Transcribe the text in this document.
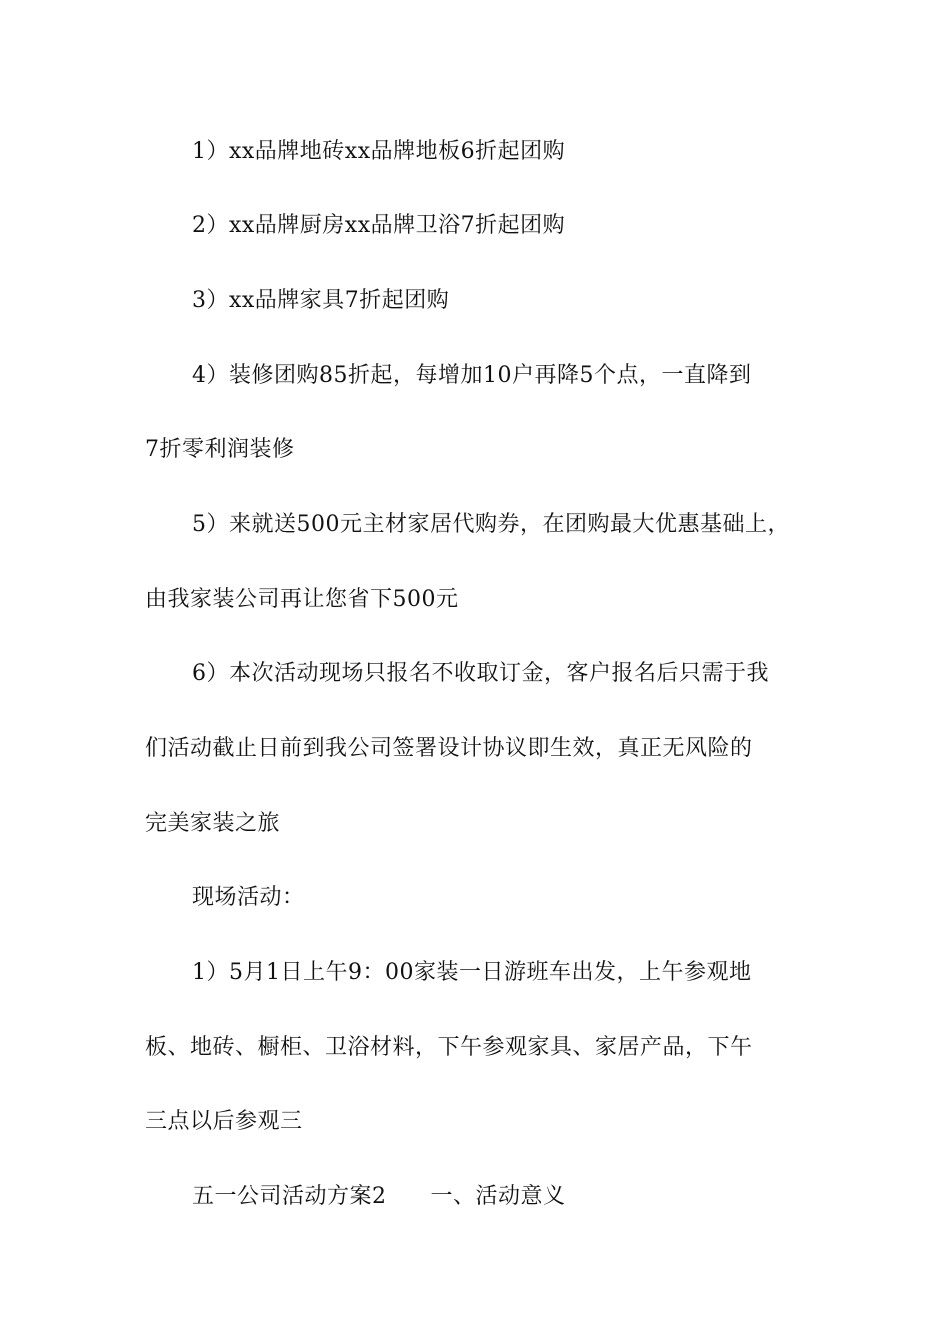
1）xx品牌地砖xx品牌地板6折起团购
2）xx品牌厨房xx品牌卫浴7折起团购
3）xx品牌家具7折起团购
4）装修团购85折起，每增加10户再降5个点，一直降到
7折零利润装修
5）来就送500元主材家居代购券，在团购最大优惠基础上，
由我家装公司再让您省下500元
6）本次活动现场只报名不收取订金，客户报名后只需于我
们活动截止日前到我公司签署设计协议即生效，真正无风险的
完美家装之旅
现场活动：
1）5月1日上午9：00家装一日游班车出发，上午参观地
板、地砖、橱柜、卫浴材料，下午参观家具、家居产品，下午
三点以后参观三
五一公司活动方案2 一、活动意义
